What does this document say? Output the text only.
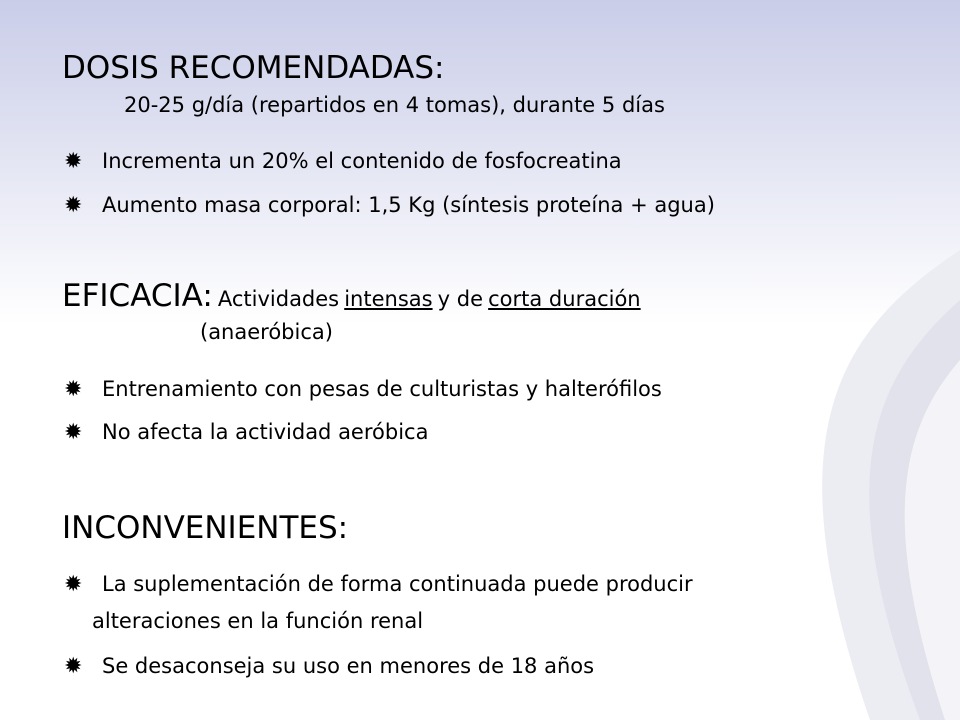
DOSIS RECOMENDADAS:
20-25 g/día (repartidos en 4 tomas), durante 5 días
✹ Incrementa un 20% el contenido de fosfocreatina
✹ Aumento masa corporal: 1,5 Kg (síntesis proteína + agua)
EFICACIA: Actividades intensas y de corta duración
(anaeróbica)
✹ Entrenamiento con pesas de culturistas y halterófilos
✹ No afecta la actividad aeróbica
INCONVENIENTES:
✹ La suplementación de forma continuada puede producir
alteraciones en la función renal
✹ Se desaconseja su uso en menores de 18 años
